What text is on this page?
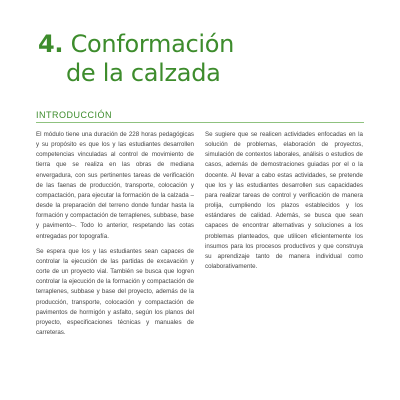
4. Conformación
de la calzada
INTRODUCCIÓN

El módulo tiene una duración de 228 horas pedagógicas y su propósito es que los y las estudiantes desarrollen competencias vinculadas al control de movimiento de tierra que se realiza en las obras de mediana envergadura, con sus pertinentes tareas de verificación de las faenas de producción, transporte, colocación y compactación, para ejecutar la formación de la calzada –desde la preparación del terreno donde fundar hasta la formación y compactación de terraplenes, subbase, base y pavimento–. Todo lo anterior, respetando las cotas entregadas por topografía.

Se espera que los y las estudiantes sean capaces de controlar la ejecución de las partidas de excavación y corte de un proyecto vial. También se busca que logren controlar la ejecución de la formación y compactación de terraplenes, subbase y base del proyecto, además de la producción, transporte, colocación y compactación de pavimentos de hormigón y asfalto, según los planos del proyecto, especificaciones técnicas y manuales de carreteras.

Se sugiere que se realicen actividades enfocadas en la solución de problemas, elaboración de proyectos, simulación de contextos laborales, análisis o estudios de casos, además de demostraciones guiadas por el o la docente. Al llevar a cabo estas actividades, se pretende que los y las estudiantes desarrollen sus capacidades para realizar tareas de control y verificación de manera prolija, cumpliendo los plazos establecidos y los estándares de calidad. Además, se busca que sean capaces de encontrar alternativas y soluciones a los problemas planteados, que utilicen eficientemente los insumos para los procesos productivos y que construya su aprendizaje tanto de manera individual como colaborativamente.
